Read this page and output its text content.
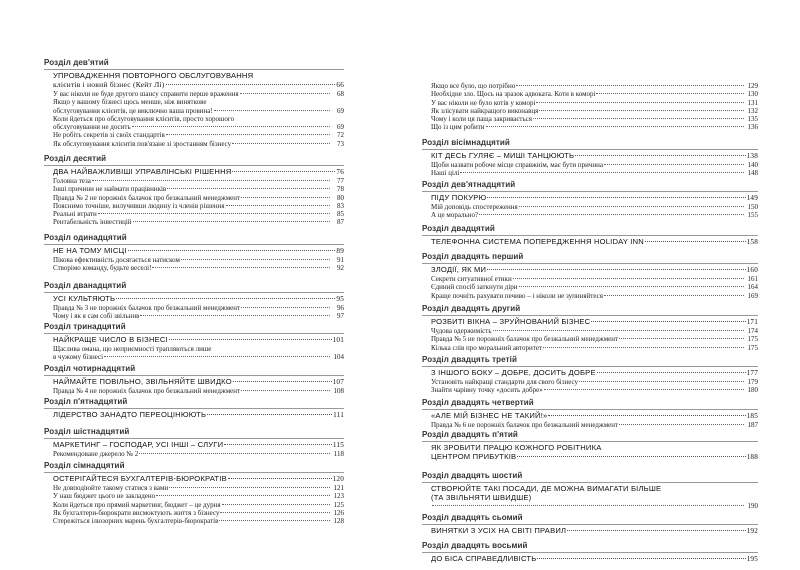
Розділ дев'ятий
УПРОВАДЖЕННЯ ПОВТОРНОГО ОБСЛУГОВУВАННЯ
клієнтів і новий бізнес (Кейт Лі)	66
У вас ніколи не буде другого шансу справити перше враження	68
Якщо у вашому бізнесі щось менше, ніж виняткове
обслуговування клієнтів, це виключно ваша провина!	69
Коли йдеться про обслуговування клієнтів, просто хорошого
обслуговування не досить	69
Не робіть секретів зі своїх стандартів	72
Як обслуговування клієнтів пов'язане зі зростанням бізнесу	73
Розділ десятий
ДВА НАЙВАЖЛИВІШІ УПРАВЛІНСЬКІ РІШЕННЯ	76
Головна теза	77
Інші причини не наймати працівників	78
Правда № 2 не порожніх балачок про безжальний менеджмент	80
Пояснимо точніше, вилучивши людину із членів рішення	83
Реальні втрати	85
Рентабельність інвестицій	87
Розділ одинадцятий
НЕ НА ТОМУ МІСЦІ	89
Пікова ефективність досягається натиском	91
Створімо команду, будьте веселі!	92
Розділ дванадцятий
УСІ КУЛЬТЯЮТЬ	95
Правда № 3 не порожніх балачок про безжальний менеджмент	96
Чому і як я сам собі звільнив	97
Розділ тринадцятий
НАЙКРАЩЕ ЧИСЛО В БІЗНЕСІ	101
Щаслива омана, що неприємності трапляються лише
в чужому бізнесі	104
Розділ чотирнадцятий
НАЙМАЙТЕ ПОВІЛЬНО, ЗВІЛЬНЯЙТЕ ШВИДКО	107
Правда № 4 не порожніх балачок про безжальний менеджмент	108
Розділ п'ятнадцятий
ЛІДЕРСТВО ЗАНАДТО ПЕРЕОЦІНЮЮТЬ	111
Розділ шістнадцятий
МАРКЕТИНГ – ГОСПОДАР, УСІ ІНШІ – СЛУГИ	115
Рекомендоване джерело № 2	118
Розділ сімнадцятий
ОСТЕРІГАЙТЕСЯ БУХГАЛТЕРІВ-БЮРОКРАТІВ	120
Не довподіюйте такому статися з вами	121
У наш бюджет цього не закладено	123
Коли йдеться про прямий маркетинг, бюджет – це дурня	125
Як бухгалтери-бюрократи висмоктують життя з бізнесу	126
Стережіться ілюзорних марень бухгалтерів-бюрократів	128
Якщо все було, що потрібно	129
Необхідне зло. Щось на зразок адвоката. Коти в коморі	130
У вас ніколи не було котів у коморі	131
Як злісувати найкращого виконавця	132
Чому і коли ця паща закривається	135
Що із цим робити	136
Розділ вісімнадцятий
КІТ ДЕСЬ ГУЛЯЄ – МИШІ ТАНЦЮЮТЬ	138
Щоби назвати робоче місце справжнім, має бути причина	140
Наші цілі	148
Розділ дев'ятнадцятий
ПІДУ ПОКУРЮ	149
Мій доповідь спостереження	150
А це морально?	155
Розділ двадцятий
ТЕЛЕФОННА СИСТЕМА ПОПЕРЕДЖЕННЯ HOLIDAY INN	158
Розділ двадцять перший
ЗЛОДІЇ, ЯК МИ	160
Секрети ситуативної етики	161
Єдиний спосіб заткнути діри	164
Краще почніть рахувати печиво – і ніколи не зупиняйтеся	169
Розділ двадцять другий
РОЗБИТІ ВІКНА – ЗРУЙНОВАНИЙ БІЗНЕС	171
Чудова одержимість	174
Правда № 5 не порожніх балачок про безжальний менеджмент	175
Кілька слів про моральний авторитет	175
Розділ двадцять третій
З ІНШОГО БОКУ – ДОБРЕ, ДОСИТЬ ДОБРЕ	177
Установіть найкращі стандарти для свого бізнесу	179
Знайти чарівну точку «досить добре»	180
Розділ двадцять четвертий
«АЛЕ МІЙ БІЗНЕС НЕ ТАКИЙ!»	185
Правда № 6 не порожніх балачок про безжальний менеджмент	187
Розділ двадцять п'ятий
ЯК ЗРОБИТИ ПРАЦЮ КОЖНОГО РОБІТНИКА
ЦЕНТРОМ ПРИБУТКІВ	188
Розділ двадцять шостий
СТВОРЮЙТЕ ТАКІ ПОСАДИ, ДЕ МОЖНА ВИМАГАТИ БІЛЬШЕ
(ТА ЗВІЛЬНЯТИ ШВИДШЕ)
190
Розділ двадцять сьомий
ВИНЯТКИ З УСІХ НА СВІТІ ПРАВИЛ	192
Розділ двадцять восьмий
ДО БІСА СПРАВЕДЛИВІСТЬ	195
